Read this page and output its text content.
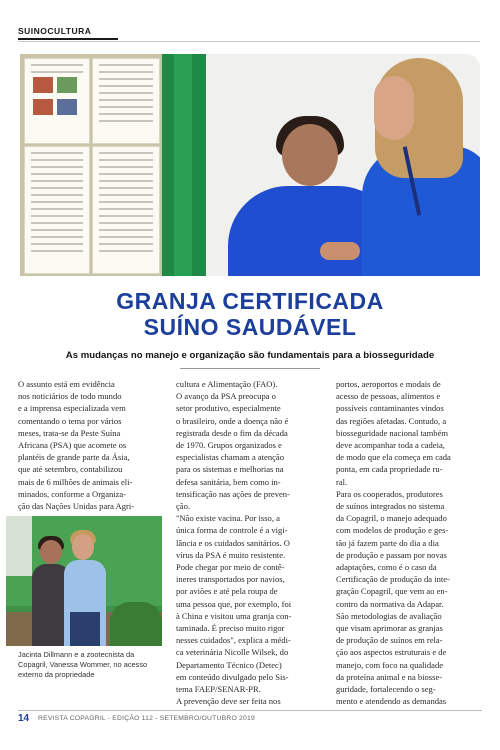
SUINOCULTURA
GRANJA CERTIFICADA
SUÍNO SAUDÁVEL
As mudanças no manejo e organização são fundamentais para a biosseguridade
O assunto está em evidência
nos noticiários de todo mundo
e a imprensa especializada vem
comentando o tema por vários
meses, trata-se da Peste Suína
Africana (PSA) que acomete os
plantéis de grande parte da Ásia,
que até setembro, contabilizou
mais de 6 milhões de animais eli-
minados, conforme a Organiza-
ção das Nações Unidas para Agri-
cultura e Alimentação (FAO).
O avanço da PSA preocupa o
setor produtivo, especialmente
o brasileiro, onde a doença não é
registrada desde o fim da década
de 1970. Grupos organizados e
especialistas chamam a atenção
para os sistemas e melhorias na
defesa sanitária, bem como in-
tensificação nas ações de preven-
ção.
"Não existe vacina. Por isso, a
única forma de controle é a vigi-
lância e os cuidados sanitários. O
vírus da PSA é muito resistente.
Pode chegar por meio de contê-
ineres transportados por navios,
por aviões e até pela roupa de
uma pessoa que, por exemplo, foi
à China e visitou uma granja con-
taminada. É preciso muito rigor
nesses cuidados", explica a médi-
ca veterinária Nicolle Wilsek, do
Departamento Técnico (Detec)
em conteúdo divulgado pelo Sis-
tema FAEP/SENAR-PR.
A prevenção deve ser feita nos
portos, aeroportos e modais de
acesso de pessoas, alimentos e
possíveis contaminantes vindos
das regiões afetadas. Contudo, a
biosseguridade nacional também
deve acompanhar toda a cadeia,
de modo que ela começa em cada
ponta, em cada propriedade ru-
ral.
Para os cooperados, produtores
de suínos integrados no sistema
da Copagril, o manejo adequado
com modelos de produção e ges-
tão já fazem parte do dia a dia
de produção e passam por novas
adaptações, como é o caso da
Certificação de produção da inte-
gração Copagril, que vem ao en-
contro da normativa da Adapar.
São metodologias de avaliação
que visam aprimorar as granjas
de produção de suínos em rela-
ção aos aspectos estruturais e de
manejo, com foco na qualidade
da proteína animal e na biosse-
guridade, fortalecendo o seg-
mento e atendendo as demandas
Jacinta Dillmann e a zootecnista da
Copagril, Vanessa Wommer, no acesso
externo da propriedade
14 REVISTA COPAGRIL - EDIÇÃO 112 - SETEMBRO/OUTUBRO 2019
